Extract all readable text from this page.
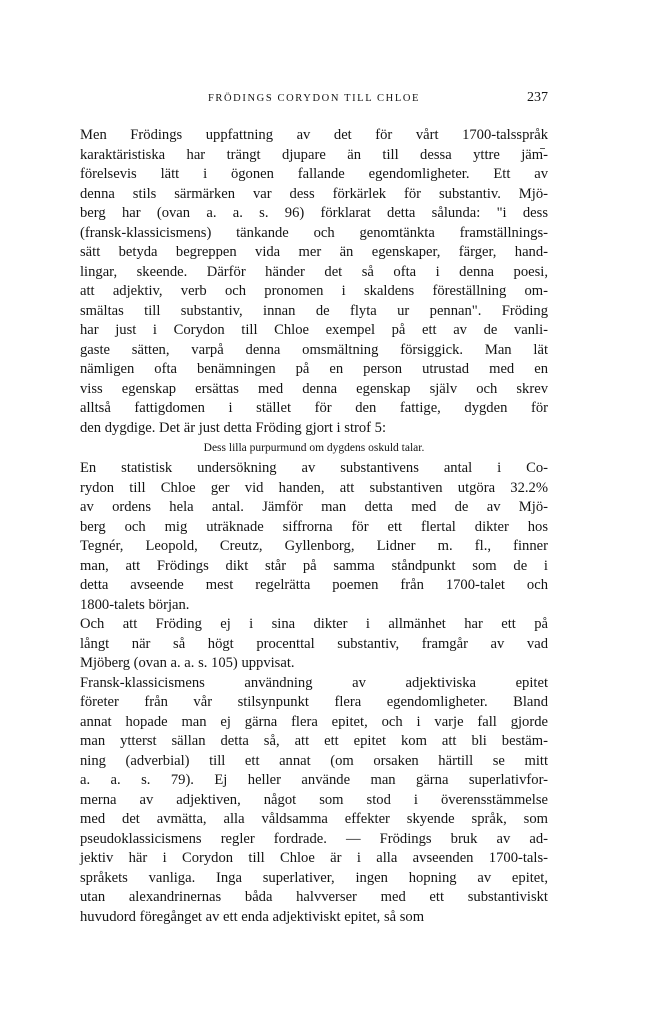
FRÖDINGS CORYDON TILL CHLOE	237
Men Frödings uppfattning av det för vårt 1700-talsspråk
karaktäristiska har trängt djupare än till dessa yttre jäm-
förelsevis lätt i ögonen fallande egendomligheter. Ett av
denna stils särmärken var dess förkärlek för substantiv. Mjö-
berg har (ovan a. a. s. 96) förklarat detta sålunda: "i dess
(fransk-klassicismens) tänkande och genomtänkta framställnings-
sätt betyda begreppen vida mer än egenskaper, färger, hand-
lingar, skeende. Därför händer det så ofta i denna poesi,
att adjektiv, verb och pronomen i skaldens föreställning om-
smältas till substantiv, innan de flyta ur pennan". Fröding
har just i Corydon till Chloe exempel på ett av de vanli-
gaste sätten, varpå denna omsmältning försiggick. Man lät
nämligen ofta benämningen på en person utrustad med en
viss egenskap ersättas med denna egenskap själv och skrev
alltså fattigdomen i stället för den fattige, dygden för
den dygdige. Det är just detta Fröding gjort i strof 5:
Dess lilla purpurmund om dygdens oskuld talar.
En statistisk undersökning av substantivens antal i Co-
rydon till Chloe ger vid handen, att substantiven utgöra 32.2%
av ordens hela antal. Jämför man detta med de av Mjö-
berg och mig uträknade siffrorna för ett flertal dikter hos
Tegnér, Leopold, Creutz, Gyllenborg, Lidner m. fl., finner
man, att Frödings dikt står på samma ståndpunkt som de i
detta avseende mest regelrätta poemen från 1700-talet och
1800-talets början.
Och att Fröding ej i sina dikter i allmänhet har ett på
långt när så högt procenttal substantiv, framgår av vad
Mjöberg (ovan a. a. s. 105) uppvisat.
Fransk-klassicismens användning av adjektiviska epitet
företer från vår stilsynpunkt flera egendomligheter. Bland
annat hopade man ej gärna flera epitet, och i varje fall gjorde
man ytterst sällan detta så, att ett epitet kom att bli bestäm-
ning (adverbial) till ett annat (om orsaken härtill se mitt
a. a. s. 79). Ej heller använde man gärna superlativfor-
merna av adjektiven, något som stod i överensstämmelse
med det avmätta, alla våldsamma effekter skyende språk, som
pseudoklassicismens regler fordrade. — Frödings bruk av ad-
jektiv här i Corydon till Chloe är i alla avseenden 1700-tals-
språkets vanliga. Inga superlativer, ingen hopning av epitet,
utan alexandrinernas båda halvverser med ett substantiviskt
huvudord föregånget av ett enda adjektiviskt epitet, så som
